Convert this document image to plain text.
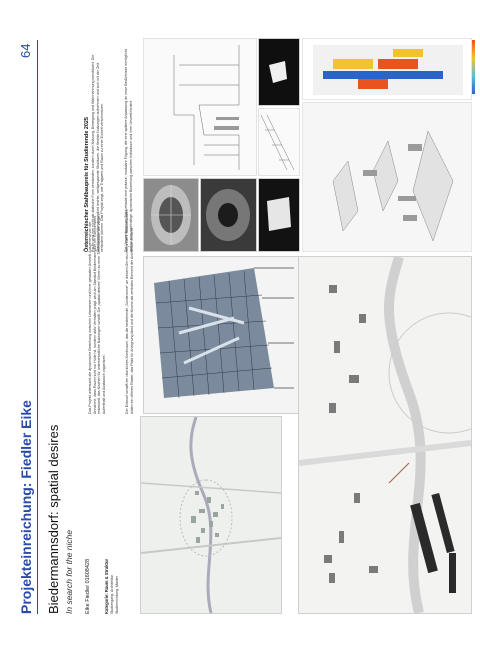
Projekteinreichung: Fiedler Eike
64
Biedermannsdorf: spatial desires In search for the niche Eike Fiedler 01608428	Kategorie: Raum & Struktur Studiengang: Architektur Studienrichtung: Master
Das Projekt untersucht die dynamische Beziehung zwischen Lebewesen und ihrer gebauten Umwelt. Ausgehend von der Annahme, dass Raum nicht nur Hülle ist, sondern aktiv Verhalten prägt, wird am Standort Biedermannsdorf ein Rahmenwerk entwickelt, das Nischen für unterschiedliche Nutzungen schafft. Die „spatial desires“ führen zu einer Tiefenstruktur, die Wege, Aufenthalt und Austausch organisiert.	Der Entwurf schafft ein räumliches Kontinuum, das die bestehende „Sonderzone“ an diesem Ort neu interpretiert. Stahlstrukturen bilden ein offenes Raster, das Platz für Aneignung lässt und die Nische als zentrales Element der Architektur versteht.
Österreichischer Stahlbaupreis für Studierende 2025 Raum wird hier nicht als statische Form verstanden, sondern durch Nutzung, Bewegung und Wahrnehmung konstituiert. Die Stahlkonstruktion ermöglicht leichte, weitgespannte Strukturen, die flexible Nutzungen aufnehmen und sich mit der Zeit verändern können. Das Projekt zeigt, wie Tragwerk und Raum zu einer Einheit verschmelzen.	Die Verwendung von Stahl erlaubt eine präzise, modulare Fügung, die eine spätere Anpassung an neue Bedürfnisse ermöglicht und so eine nachhaltige, dynamische Beziehung zwischen Individuum und ihrer Umwelt fördert.
